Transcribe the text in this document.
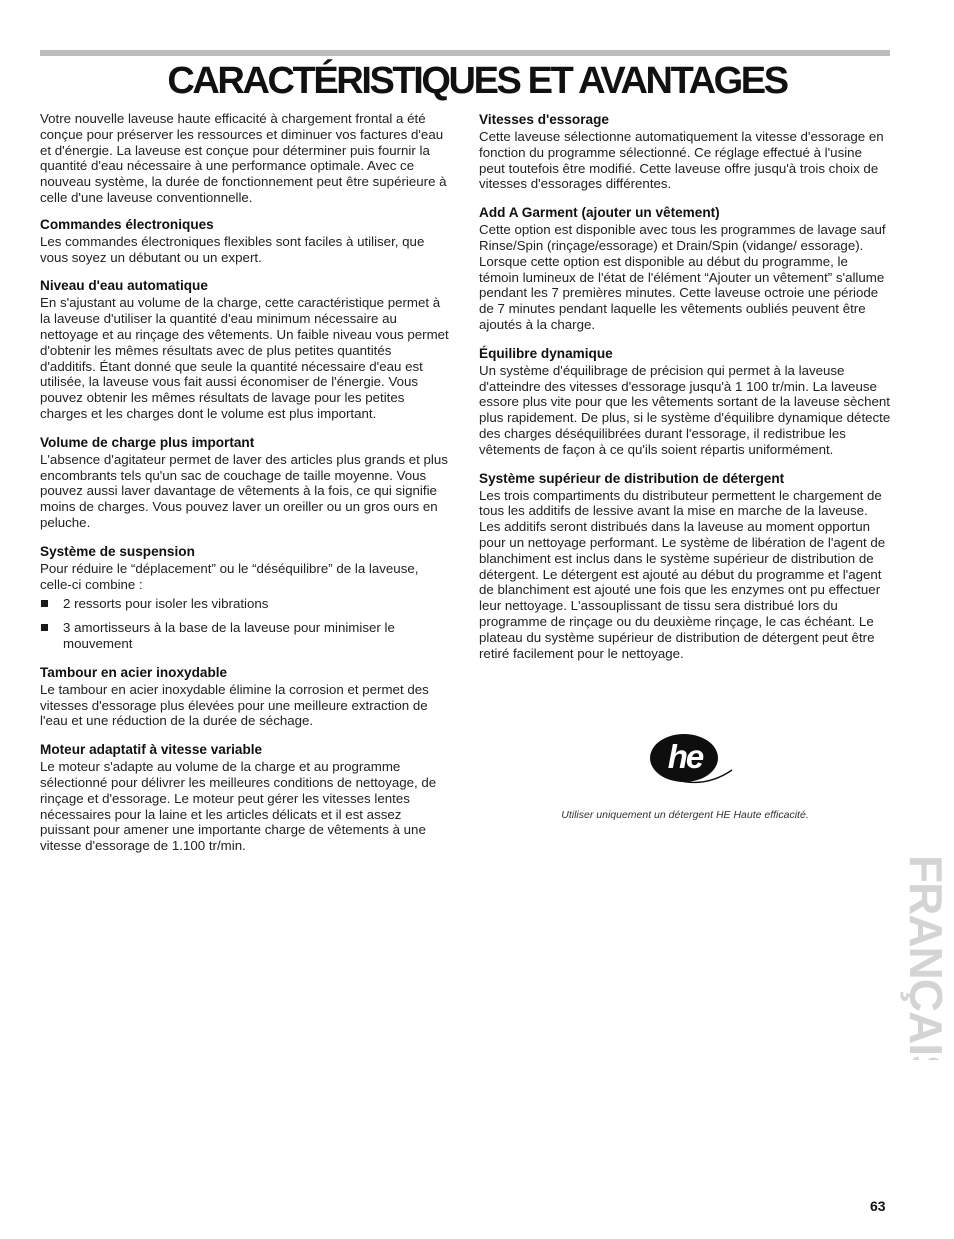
CARACTÉRISTIQUES ET AVANTAGES

Votre nouvelle laveuse haute efficacité à chargement frontal a été conçue pour préserver les ressources et diminuer vos factures d'eau et d'énergie. La laveuse est conçue pour déterminer puis fournir la quantité d'eau nécessaire à une performance optimale. Avec ce nouveau système, la durée de fonctionnement peut être supérieure à celle d'une laveuse conventionnelle.

Commandes électroniques

Les commandes électroniques flexibles sont faciles à utiliser, que vous soyez un débutant ou un expert.

Niveau d'eau automatique

En s'ajustant au volume de la charge, cette caractéristique permet à la laveuse d'utiliser la quantité d'eau minimum nécessaire au nettoyage et au rinçage des vêtements. Un faible niveau vous permet d'obtenir les mêmes résultats avec de plus petites quantités d'additifs. Étant donné que seule la quantité nécessaire d'eau est utilisée, la laveuse vous fait aussi économiser de l'énergie. Vous pouvez obtenir les mêmes résultats de lavage pour les petites charges et les charges dont le volume est plus important.

Volume de charge plus important

L'absence d'agitateur permet de laver des articles plus grands et plus encombrants tels qu'un sac de couchage de taille moyenne. Vous pouvez aussi laver davantage de vêtements à la fois, ce qui signifie moins de charges. Vous pouvez laver un oreiller ou un gros ours en peluche.

Système de suspension

Pour réduire le “déplacement” ou le “déséquilibre” de la laveuse, celle-ci combine :

2 ressorts pour isoler les vibrations
3 amortisseurs à la base de la laveuse pour minimiser le mouvement
Tambour en acier inoxydable

Le tambour en acier inoxydable élimine la corrosion et permet des vitesses d'essorage plus élevées pour une meilleure extraction de l'eau et une réduction de la durée de séchage.

Moteur adaptatif à vitesse variable

Le moteur s'adapte au volume de la charge et au programme sélectionné pour délivrer les meilleures conditions de nettoyage, de rinçage et d'essorage. Le moteur peut gérer les vitesses lentes nécessaires pour la laine et les articles délicats et il est assez puissant pour amener une importante charge de vêtements à une vitesse d'essorage de 1.100 tr/min.

Vitesses d'essorage

Cette laveuse sélectionne automatiquement la vitesse d'essorage en fonction du programme sélectionné. Ce réglage effectué à l'usine peut toutefois être modifié. Cette laveuse offre jusqu'à trois choix de vitesses d'essorages différentes.

Add A Garment (ajouter un vêtement)

Cette option est disponible avec tous les programmes de lavage sauf Rinse/Spin (rinçage/essorage) et Drain/Spin (vidange/ essorage). Lorsque cette option est disponible au début du programme, le témoin lumineux de l'état de l'élément “Ajouter un vêtement” s'allume pendant les 7 premières minutes. Cette laveuse octroie une période de 7 minutes pendant laquelle les vêtements oubliés peuvent être ajoutés à la charge.

Équilibre dynamique

Un système d'équilibrage de précision qui permet à la laveuse d'atteindre des vitesses d'essorage jusqu'à 1 100 tr/min. La laveuse essore plus vite pour que les vêtements sortant de la laveuse sèchent plus rapidement. De plus, si le système d'équilibre dynamique détecte des charges déséquilibrées durant l'essorage, il redistribue les vêtements de façon à ce qu'ils soient répartis uniformément.

Système supérieur de distribution de détergent

Les trois compartiments du distributeur permettent le chargement de tous les additifs de lessive avant la mise en marche de la laveuse. Les additifs seront distribués dans la laveuse au moment opportun pour un nettoyage performant. Le système de libération de l'agent de blanchiment est inclus dans le système supérieur de distribution de détergent. Le détergent est ajouté au début du programme et l'agent de blanchiment est ajouté une fois que les enzymes ont pu effectuer leur nettoyage. L'assouplissant de tissu sera distribué lors du programme de rinçage ou du deuxième rinçage, le cas échéant. Le plateau du système supérieur de distribution de détergent peut être retiré facilement pour le nettoyage.

he

Utiliser uniquement un détergent HE Haute efficacité.

FRANÇAIS
63
